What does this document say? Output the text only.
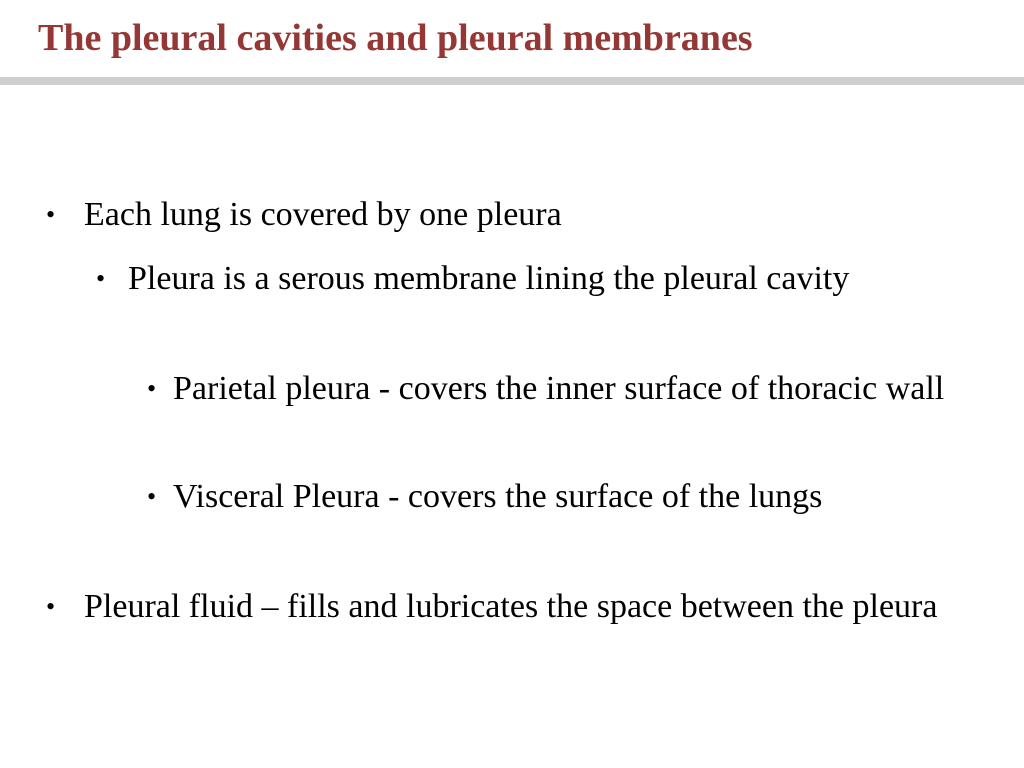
The pleural cavities and pleural membranes
• Each lung is covered by one pleura
• Pleura is a serous membrane lining the pleural cavity
• Parietal pleura - covers the inner surface of thoracic wall
• Visceral Pleura - covers the surface of the lungs
• Pleural fluid – fills and lubricates the space between the pleura
